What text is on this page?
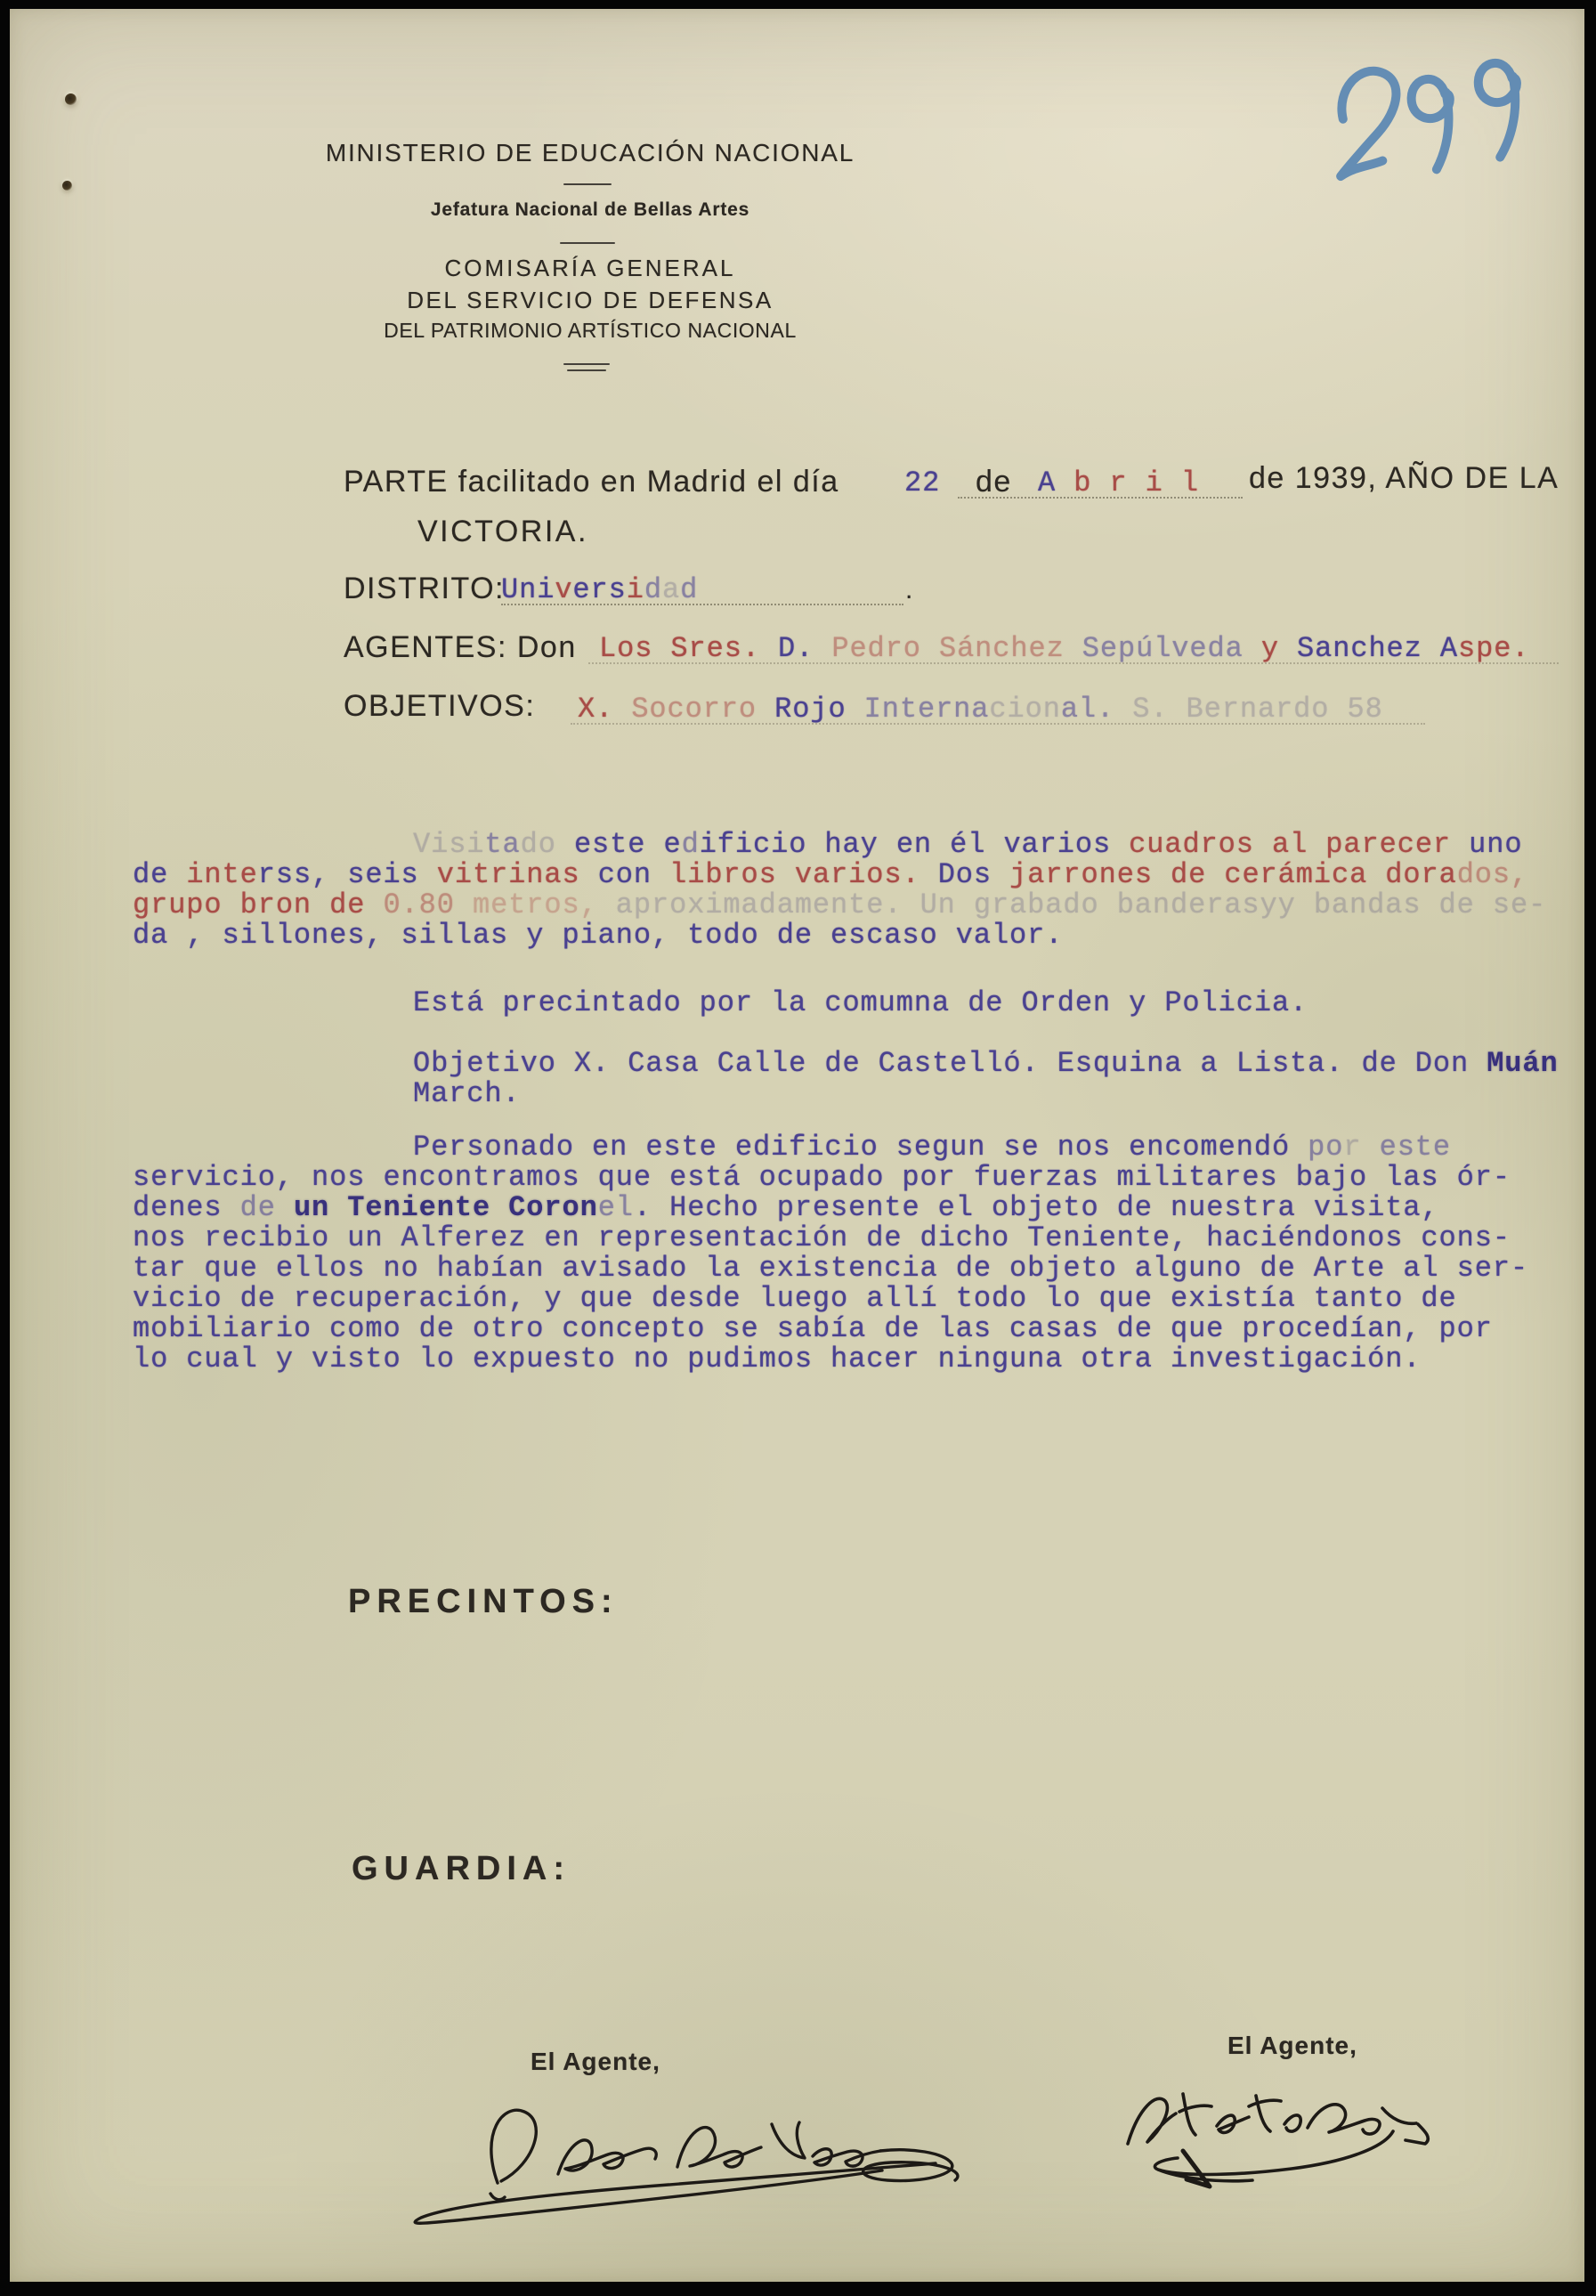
MINISTERIO DE EDUCACIÓN NACIONAL
Jefatura Nacional de Bellas Artes
COMISARÍA GENERAL
DEL SERVICIO DE DEFENSA
DEL PATRIMONIO ARTÍSTICO NACIONAL
PARTE facilitado en Madrid el día 22 de A b r i l de 1939, AÑO DE LA
VICTORIA.
DISTRITO:
Universidad	.
AGENTES: Don Los Sres. D. Pedro Sánchez Sepúlveda y Sanchez Aspe.
OBJETIVOS: X. Socorro Rojo Internacional. S. Bernardo 58
Visitado este edificio hay en él varios cuadros al parecer uno
de interss, seis vitrinas con libros varios. Dos jarrones de cerámica dorados,
grupo bron de 0.80 metros, aproximadamente. Un grabado banderasyy bandas de se-
da , sillones, sillas y piano, todo de escaso valor.
Está precintado por la comumna de Orden y Policia.
Objetivo X. Casa Calle de Castelló. Esquina a Lista. de Don Muán
March.
Personado en este edificio segun se nos encomendó por este
servicio, nos encontramos que está ocupado por fuerzas militares bajo las ór-
denes de un Teniente Coronel. Hecho presente el objeto de nuestra visita,
nos recibio un Alferez en representación de dicho Teniente, haciéndonos cons-
tar que ellos no habían avisado la existencia de objeto alguno de Arte al ser-
vicio de recuperación, y que desde luego allí todo lo que existía tanto de
mobiliario como de otro concepto se sabía de las casas de que procedían, por
lo cual y visto lo expuesto no pudimos hacer ninguna otra investigación.
PRECINTOS:
GUARDIA:
El Agente,
El Agente,
